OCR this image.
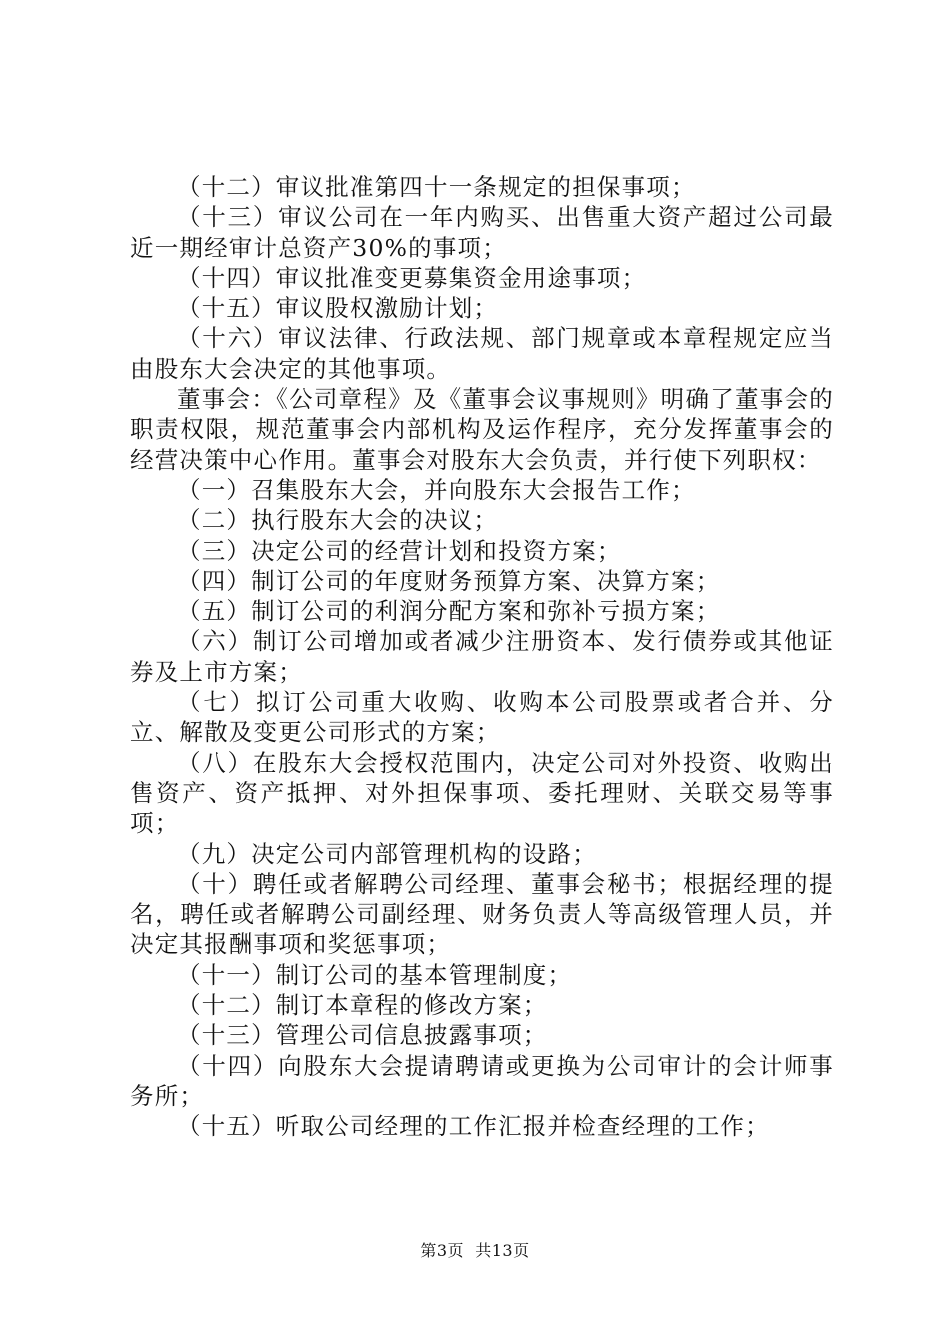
（十二）审议批准第四十一条规定的担保事项；

（十三）审议公司在一年内购买、出售重大资产超过公司最近一期经审计总资产30%的事项；

（十四）审议批准变更募集资金用途事项；

（十五）审议股权激励计划；

（十六）审议法律、行政法规、部门规章或本章程规定应当由股东大会决定的其他事项。

董事会：《公司章程》及《董事会议事规则》明确了董事会的职责权限，规范董事会内部机构及运作程序，充分发挥董事会的经营决策中心作用。董事会对股东大会负责，并行使下列职权：

（一）召集股东大会，并向股东大会报告工作；

（二）执行股东大会的决议；

（三）决定公司的经营计划和投资方案；

（四）制订公司的年度财务预算方案、决算方案；

（五）制订公司的利润分配方案和弥补亏损方案；

（六）制订公司增加或者减少注册资本、发行债券或其他证券及上市方案；

（七）拟订公司重大收购、收购本公司股票或者合并、分立、解散及变更公司形式的方案；

（八）在股东大会授权范围内，决定公司对外投资、收购出售资产、资产抵押、对外担保事项、委托理财、关联交易等事项；

（九）决定公司内部管理机构的设路；

（十）聘任或者解聘公司经理、董事会秘书；根据经理的提名，聘任或者解聘公司副经理、财务负责人等高级管理人员，并决定其报酬事项和奖惩事项；

（十一）制订公司的基本管理制度；

（十二）制订本章程的修改方案；

（十三）管理公司信息披露事项；

（十四）向股东大会提请聘请或更换为公司审计的会计师事务所；

（十五）听取公司经理的工作汇报并检查经理的工作；

第3页 共13页
